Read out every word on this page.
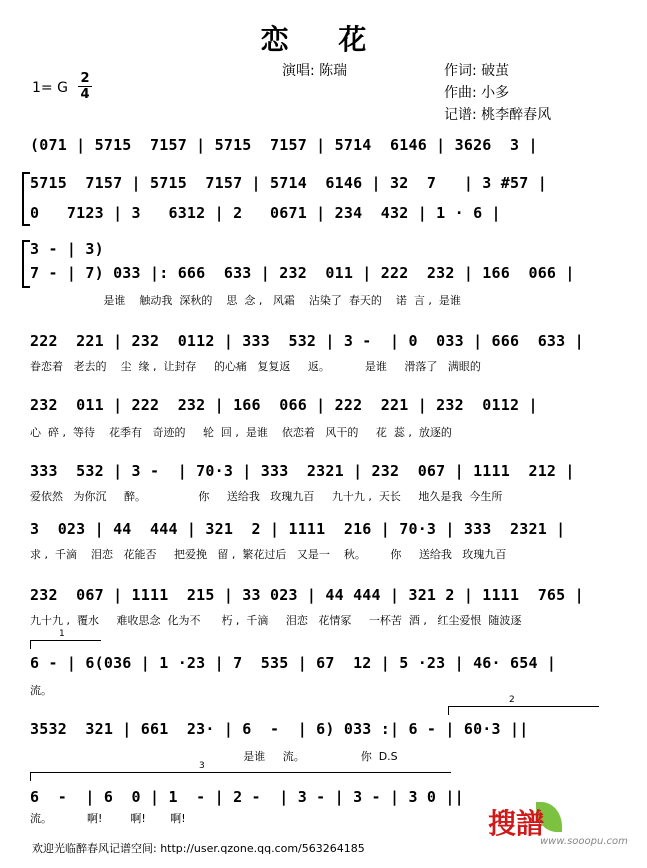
恋 花
演唱: 陈瑞	作词: 破茧
作曲: 小多
记谱: 桃李醉春风
1= G
2
4
(071 | 5715  7157 | 5715  7157 | 5714  6146 | 3626  3 |
5715  7157 | 5715  7157 | 5714  6146 | 32  7   | 3 #57 |
0   7123 | 3   6312 | 2   0671 | 234  432 | 1 · 6 |
3 - | 3)
7 - | 7) 033 |: 666  633 | 232  011 | 222  232 | 166  066 |
是谁    触动我  深秋的    思  念 ,   风霜    沾染了  春天的    诺  言 ,  是谁
222  221 | 232  0112 | 333  532 | 3 -  | 0  033 | 666  633 |
眷恋着   老去的    尘  缘 ,  让封存     的心痛   复复返     返。          是谁     滑落了   满眼的
232  011 | 222  232 | 166  066 | 222  221 | 232  0112 |
心  碎 ,  等待    花季有   奇迹的     轮  回 ,  是谁    依恋着   风干的     花  蕊 ,  放逐的
333  532 | 3 -  | 70·3 | 333  2321 | 232  067 | 1111  212 |
爱依然   为你沉     醉。               你     送给我   玫瑰九百     九十九 ,  天长     地久是我  今生所
3  023 | 44  444 | 321  2 | 1111  216 | 70·3 | 333  2321 |
求 ,  千滴    泪恋   花能否     把爱挽   留 ,  繁花过后   又是一    秋。       你     送给我   玫瑰九百
232  067 | 1111  215 | 33 023 | 44 444 | 321 2 | 1111  765 |
九十九 ,  覆水     难收思念  化为不      朽 ,  千滴     泪恋   花情冢     一杯苦  酒 ,   红尘爱恨  随波逐
1
6 - | 6(036 | 1 ·23 | 7  535 | 67  12 | 5 ·23 | 46· 654 |
流。
2
3532  321 | 661  23· | 6  -  | 6) 033 :| 6 - | 60·3 ||
是谁     流。                你  D.S
3
6  -  | 6  0 | 1  - | 2 -  | 3 - | 3 - | 3 0 ||
流。          啊!        啊!       啊!	搜譜
www.sooopu.com
欢迎光临醉春风记谱空间: http://user.qzone.qq.com/563264185
